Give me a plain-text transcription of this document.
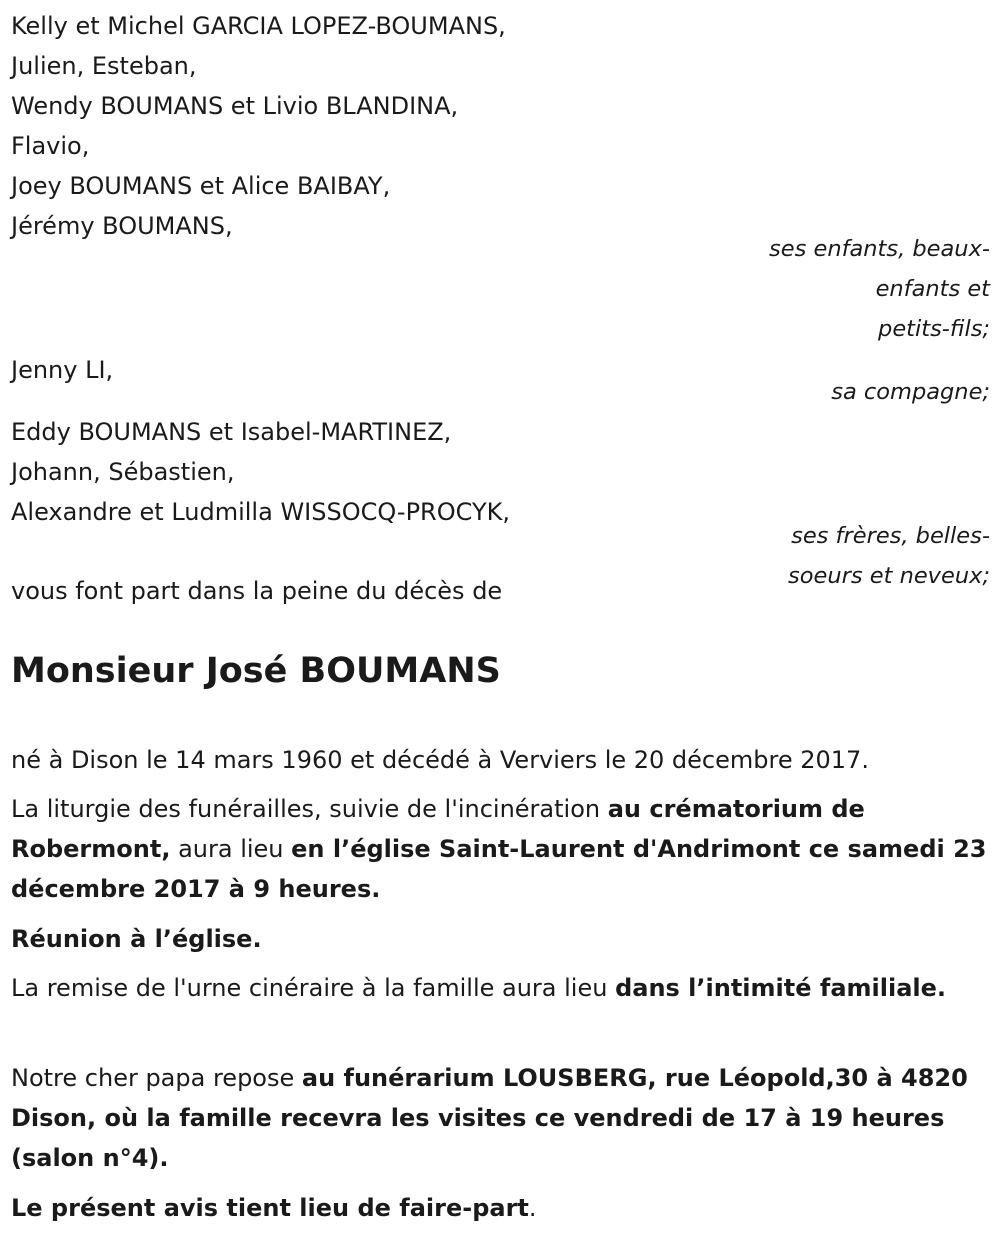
Kelly et Michel GARCIA LOPEZ-BOUMANS,
Julien, Esteban,
Wendy BOUMANS et Livio BLANDINA,
Flavio,
Joey BOUMANS et Alice BAIBAY,
Jérémy BOUMANS,
ses enfants, beaux-
enfants et
petits-fils;
Jenny LI,
sa compagne;
Eddy BOUMANS et Isabel-MARTINEZ,
Johann, Sébastien,
Alexandre et Ludmilla WISSOCQ-PROCYK,
ses frères, belles-
soeurs et neveux;
vous font part dans la peine du décès de
Monsieur José BOUMANS
né à Dison le 14 mars 1960 et décédé à Verviers le 20 décembre 2017.
La liturgie des funérailles, suivie de l'incinération au crématorium de Robermont, aura lieu en l’église Saint-Laurent d'Andrimont ce samedi 23 décembre 2017 à 9 heures.
Réunion à l’église.
La remise de l'urne cinéraire à la famille aura lieu dans l’intimité familiale.
Notre cher papa repose au funérarium LOUSBERG, rue Léopold,30 à 4820 Dison, où la famille recevra les visites ce vendredi de 17 à 19 heures (salon n°4).
Le présent avis tient lieu de faire-part.
